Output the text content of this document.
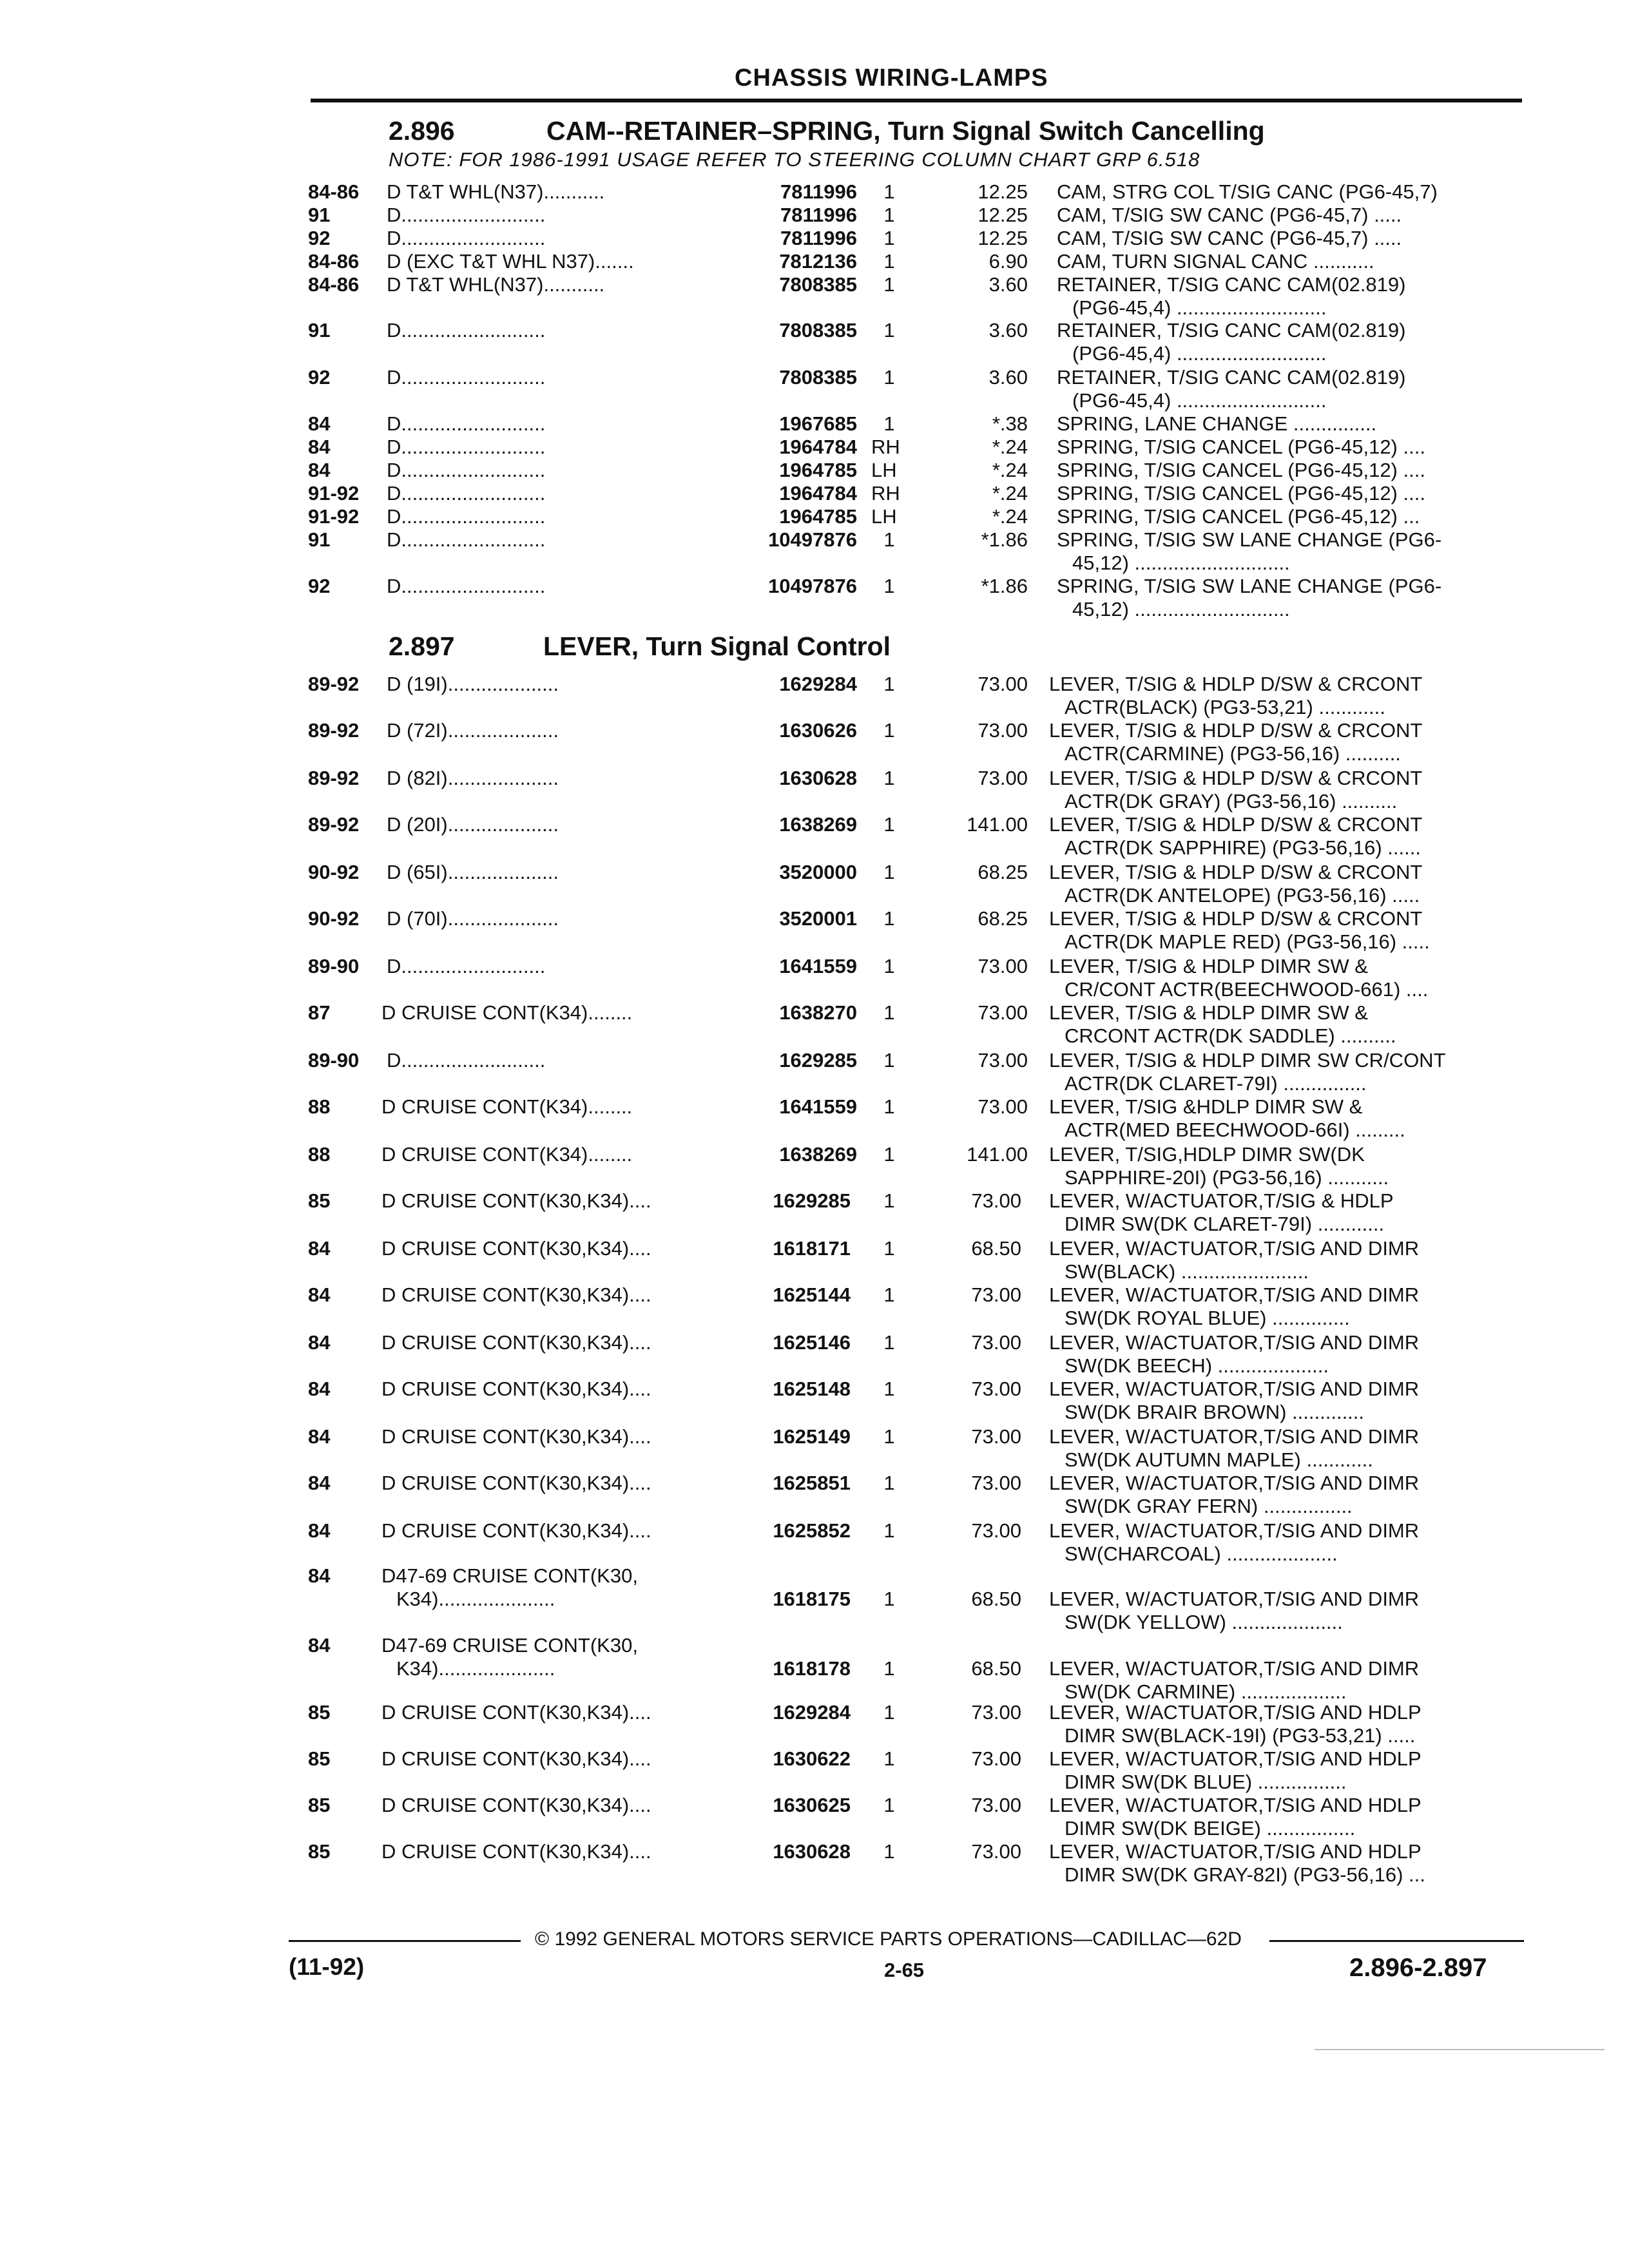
CHASSIS WIRING-LAMPS
2.896	CAM--RETAINER–SPRING, Turn Signal Switch Cancelling
NOTE: FOR 1986-1991 USAGE REFER TO STEERING COLUMN CHART GRP 6.518
2.897	LEVER, Turn Signal Control
84-86 D T&T WHL(N37) ...........	7811996	1	12.25 CAM, STRG COL T/SIG CANC (PG6-45,7)
91	D ..........................	7811996	1	12.25 CAM, T/SIG SW CANC (PG6-45,7) .....
92	D ..........................	7811996	1	12.25 CAM, T/SIG SW CANC (PG6-45,7) .....
84-86 D (EXC T&T WHL N37) .......	7812136	1	6.90 CAM, TURN SIGNAL CANC ...........
84-86 D T&T WHL(N37) ...........	7808385	1	3.60 RETAINER, T/SIG CANC CAM(02.819)
(PG6-45,4) ...........................
91	D ..........................	7808385	1	3.60 RETAINER, T/SIG CANC CAM(02.819)
(PG6-45,4) ...........................
92	D ..........................	7808385	1	3.60 RETAINER, T/SIG CANC CAM(02.819)
(PG6-45,4) ...........................
84	D ..........................	1967685	1	*.38 SPRING, LANE CHANGE ...............
84	D ..........................	1964784 RH	*.24 SPRING, T/SIG CANCEL (PG6-45,12) ....
84	D ..........................	1964785 LH	*.24 SPRING, T/SIG CANCEL (PG6-45,12) ....
91-92 D ..........................	1964784 RH	*.24 SPRING, T/SIG CANCEL (PG6-45,12) ....
91-92 D ..........................	1964785 LH	*.24 SPRING, T/SIG CANCEL (PG6-45,12) ...
91	D ..........................	10497876	1	*1.86 SPRING, T/SIG SW LANE CHANGE (PG6-
45,12) ............................
92	D ..........................	10497876	1	*1.86 SPRING, T/SIG SW LANE CHANGE (PG6-
45,12) ............................
89-92 D (19I) ....................	1629284	1	73.00 LEVER, T/SIG & HDLP D/SW & CRCONT
ACTR(BLACK) (PG3-53,21) ............
89-92 D (72I) ....................	1630626	1	73.00 LEVER, T/SIG & HDLP D/SW & CRCONT
ACTR(CARMINE) (PG3-56,16) ..........
89-92 D (82I) ....................	1630628	1	73.00 LEVER, T/SIG & HDLP D/SW & CRCONT
ACTR(DK GRAY) (PG3-56,16) ..........
89-92 D (20I) ....................	1638269	1	141.00 LEVER, T/SIG & HDLP D/SW & CRCONT
ACTR(DK SAPPHIRE) (PG3-56,16) ......
90-92 D (65I) ....................	3520000	1	68.25 LEVER, T/SIG & HDLP D/SW & CRCONT
ACTR(DK ANTELOPE) (PG3-56,16) .....
90-92 D (70I) ....................	3520001	1	68.25 LEVER, T/SIG & HDLP D/SW & CRCONT
ACTR(DK MAPLE RED) (PG3-56,16) .....
89-90 D ..........................	1641559	1	73.00 LEVER, T/SIG & HDLP DIMR SW &
CR/CONT ACTR(BEECHWOOD-661) ....
87	D CRUISE CONT(K34) ........	1638270	1	73.00 LEVER, T/SIG & HDLP DIMR SW &
CRCONT ACTR(DK SADDLE) ..........
89-90 D ..........................	1629285	1	73.00 LEVER, T/SIG & HDLP DIMR SW CR/CONT
ACTR(DK CLARET-79I) ...............
88	D CRUISE CONT(K34) ........	1641559	1	73.00 LEVER, T/SIG &HDLP DIMR SW &
ACTR(MED BEECHWOOD-66I) .........
88	D CRUISE CONT(K34) ........	1638269	1	141.00 LEVER, T/SIG,HDLP DIMR SW(DK
SAPPHIRE-20I) (PG3-56,16) ...........
85	D CRUISE CONT(K30,K34) ....	1629285	1	73.00 LEVER, W/ACTUATOR,T/SIG & HDLP
DIMR SW(DK CLARET-79I) ............
84	D CRUISE CONT(K30,K34) ....	1618171	1	68.50 LEVER, W/ACTUATOR,T/SIG AND DIMR
SW(BLACK) .......................
84	D CRUISE CONT(K30,K34) ....	1625144	1	73.00 LEVER, W/ACTUATOR,T/SIG AND DIMR
SW(DK ROYAL BLUE) ..............
84	D CRUISE CONT(K30,K34) ....	1625146	1	73.00 LEVER, W/ACTUATOR,T/SIG AND DIMR
SW(DK BEECH) ....................
84	D CRUISE CONT(K30,K34) ....	1625148	1	73.00 LEVER, W/ACTUATOR,T/SIG AND DIMR
SW(DK BRAIR BROWN) .............
84	D CRUISE CONT(K30,K34) ....	1625149	1	73.00 LEVER, W/ACTUATOR,T/SIG AND DIMR
SW(DK AUTUMN MAPLE) ............
84	D CRUISE CONT(K30,K34) ....	1625851	1	73.00 LEVER, W/ACTUATOR,T/SIG AND DIMR
SW(DK GRAY FERN) ................
84	D CRUISE CONT(K30,K34) ....	1625852	1	73.00 LEVER, W/ACTUATOR,T/SIG AND DIMR
SW(CHARCOAL) ....................
84	D47-69 CRUISE CONT(K30,
K34) .....................	1618175	1	68.50 LEVER, W/ACTUATOR,T/SIG AND DIMR
SW(DK YELLOW) ....................
84	D47-69 CRUISE CONT(K30,
K34) .....................	1618178	1	68.50 LEVER, W/ACTUATOR,T/SIG AND DIMR
SW(DK CARMINE) ...................
85	D CRUISE CONT(K30,K34) ....	1629284	1	73.00 LEVER, W/ACTUATOR,T/SIG AND HDLP
DIMR SW(BLACK-19I) (PG3-53,21) .....
85	D CRUISE CONT(K30,K34) ....	1630622	1	73.00 LEVER, W/ACTUATOR,T/SIG AND HDLP
DIMR SW(DK BLUE) ................
85	D CRUISE CONT(K30,K34) ....	1630625	1	73.00 LEVER, W/ACTUATOR,T/SIG AND HDLP
DIMR SW(DK BEIGE) ................
85	D CRUISE CONT(K30,K34) ....	1630628	1	73.00 LEVER, W/ACTUATOR,T/SIG AND HDLP
DIMR SW(DK GRAY-82I) (PG3-56,16) ...
© 1992 GENERAL MOTORS SERVICE PARTS OPERATIONS—CADILLAC—62D
(11-92)	2-65	2.896-2.897
